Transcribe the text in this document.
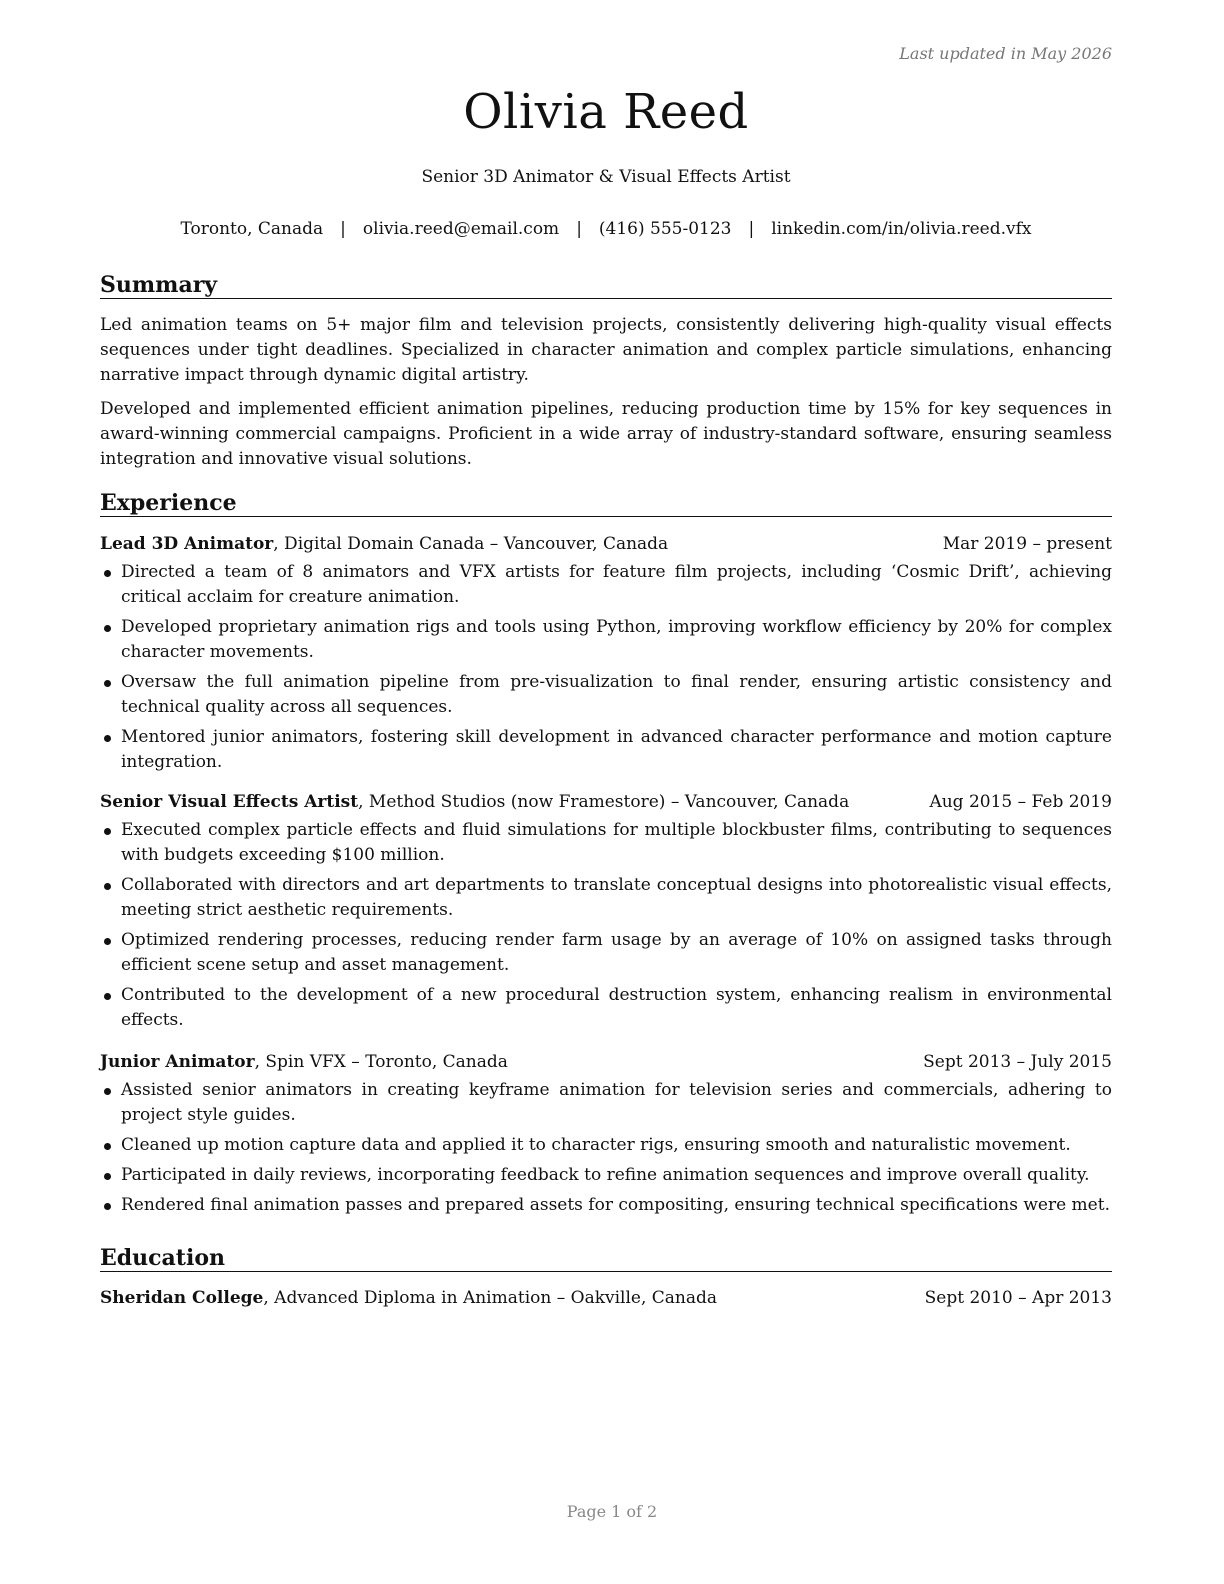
Last updated in May 2026
Olivia Reed
Senior 3D Animator & Visual Effects Artist
Toronto, Canada | olivia.reed@email.com | (416) 555-0123 | linkedin.com/in/olivia.reed.vfx
Summary

Led animation teams on 5+ major film and television projects, consistently delivering high-quality visual effects sequences under tight deadlines. Specialized in character animation and complex particle simulations, enhancing narrative impact through dynamic digital artistry.

Developed and implemented efficient animation pipelines, reducing production time by 15% for key sequences in award-winning commercial campaigns. Proficient in a wide array of industry-standard software, ensuring seamless integration and innovative visual solutions.

Experience
Lead 3D Animator, Digital Domain Canada – Vancouver, Canada	Mar 2019 – present
Directed a team of 8 animators and VFX artists for feature film projects, including ‘Cosmic Drift’, achieving critical acclaim for creature animation.
Developed proprietary animation rigs and tools using Python, improving workflow efficiency by 20% for complex character movements.
Oversaw the full animation pipeline from pre-visualization to final render, ensuring artistic consistency and technical quality across all sequences.
Mentored junior animators, fostering skill development in advanced character performance and motion capture integration.
Senior Visual Effects Artist, Method Studios (now Framestore) – Vancouver, Canada	Aug 2015 – Feb 2019
Executed complex particle effects and fluid simulations for multiple blockbuster films, contributing to sequences with budgets exceeding $100 million.
Collaborated with directors and art departments to translate conceptual designs into photorealistic visual effects, meeting strict aesthetic requirements.
Optimized rendering processes, reducing render farm usage by an average of 10% on assigned tasks through efficient scene setup and asset management.
Contributed to the development of a new procedural destruction system, enhancing realism in environmental effects.
Junior Animator, Spin VFX – Toronto, Canada	Sept 2013 – July 2015
Assisted senior animators in creating keyframe animation for television series and commercials, adhering to project style guides.
Cleaned up motion capture data and applied it to character rigs, ensuring smooth and naturalistic movement.
Participated in daily reviews, incorporating feedback to refine animation sequences and improve overall quality.
Rendered final animation passes and prepared assets for compositing, ensuring technical specifications were met.
Education
Sheridan College, Advanced Diploma in Animation – Oakville, Canada	Sept 2010 – Apr 2013
Page 1 of 2
